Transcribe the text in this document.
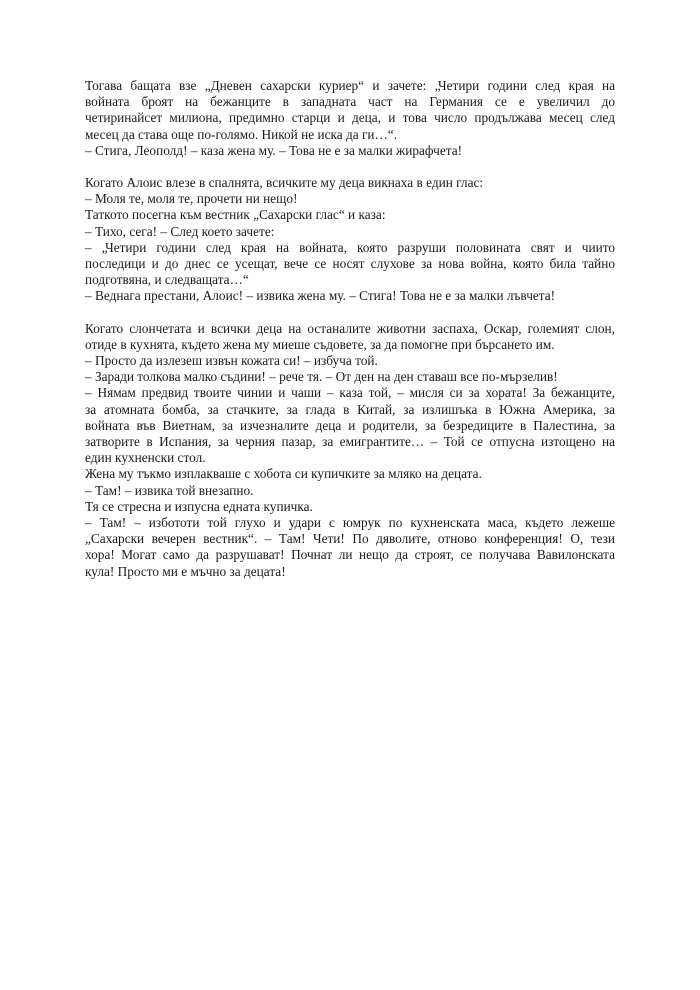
Тогава бащата взе „Дневен сахарски куриер“ и зачете: „Четири години след края на
войната броят на бежанците в западната част на Германия се е увеличил до
четиринайсет милиона, предимно старци и деца, и това число продължава месец след
месец да става още по-голямо. Никой не иска да ги…“.
– Стига, Леополд! – каза жена му. – Това не е за малки жирафчета!
Когато Алоис влезе в спалнята, всичките му деца викнаха в един глас:
– Моля те, моля те, прочети ни нещо!
Таткото посегна към вестник „Сахарски глас“ и каза:
– Тихо, сега! – След което зачете:
– „Четири години след края на войната, която разруши половината свят и чиито
последици и до днес се усещат, вече се носят слухове за нова война, която била тайно
подготвяна, и следващата…“
– Веднага престани, Алоис! – извика жена му. – Стига! Това не е за малки лъвчета!
Когато слончетата и всички деца на останалите животни заспаха, Оскар, големият слон,
отиде в кухнята, където жена му миеше съдовете, за да помогне при бърсането им.
– Просто да излезеш извън кожата си! – избуча той.
– Заради толкова малко съдини! – рече тя. – От ден на ден ставаш все по-мързелив!
– Нямам предвид твоите чинии и чаши – каза той, – мисля си за хората! За бежанците,
за атомната бомба, за стачките, за глада в Китай, за излишъка в Южна Америка, за
войната във Виетнам, за изчезналите деца и родители, за безредиците в Палестина, за
затворите в Испания, за черния пазар, за емигрантите… – Той се отпусна изтощено на
един кухненски стол.
Жена му тъкмо изплакваше с хобота си купичките за мляко на децата.
– Там! – извика той внезапно.
Тя се стресна и изпусна едната купичка.
– Там! – избототи той глухо и удари с юмрук по кухненската маса, където лежеше
„Сахарски вечерен вестник“. – Там! Чети! По дяволите, отново конференция! О, тези
хора! Могат само да разрушават! Почнат ли нещо да строят, се получава Вавилонската
кула! Просто ми е мъчно за децата!
